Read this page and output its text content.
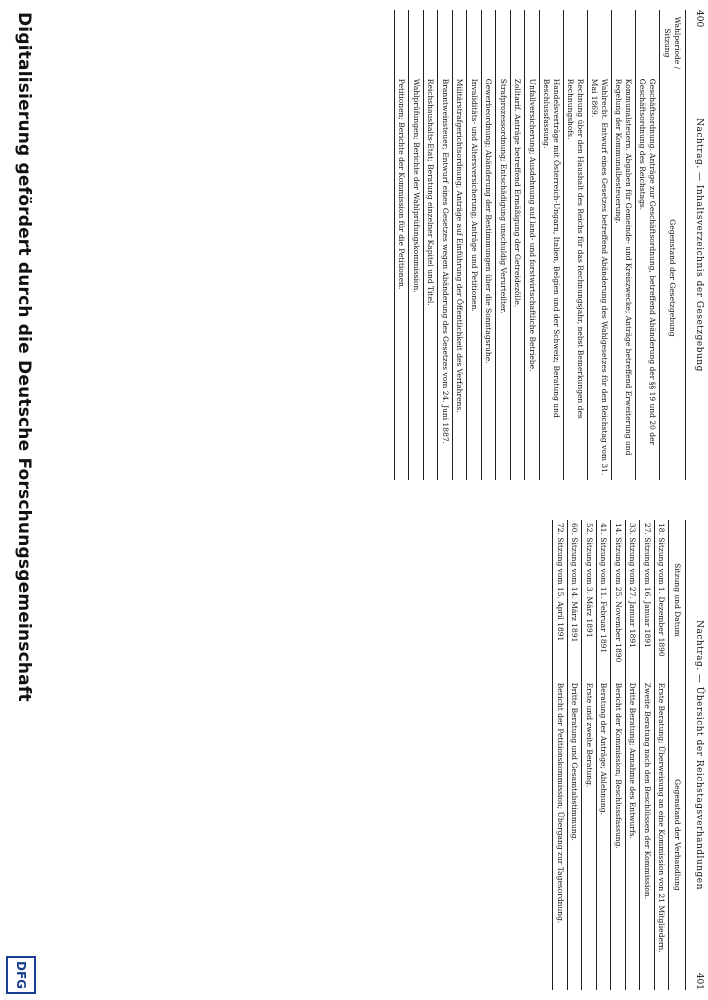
400
Nachtrag. — Inhaltsverzeichnis der Gesetzgebung
Wahlperiode / Sitzung	Gegenstand der Gesetzgebung
	Geschäftsordnung. Anträge zur Geschäftsordnung, betreffend Abänderung der §§ 19 und 20 der Geschäftsordnung des Reichstags.
	Kommunalsteuern. Abgaben für Gemeinde- und Kreiszwecke; Anträge betreffend Erweiterung und Regelung der Kommunalbesteuerung.
	Wahlrecht. Entwurf eines Gesetzes betreffend Abänderung des Wahlgesetzes für den Reichstag vom 31. Mai 1869.
	Rechnung über den Haushalt des Reichs für das Rechnungsjahr, nebst Bemerkungen des Rechnungshofs.
	Handelsverträge mit Österreich-Ungarn, Italien, Belgien und der Schweiz; Beratung und Beschlussfassung.
	Unfallversicherung; Ausdehnung auf land- und forstwirtschaftliche Betriebe.
	Zolltarif. Anträge betreffend Ermäßigung der Getreidezölle.
	Strafprozessordnung; Entschädigung unschuldig Verurteilter.
	Gewerbeordnung; Abänderung der Bestimmungen über die Sonntagsruhe.
	Invaliditäts- und Altersversicherung; Anträge und Petitionen.
	Militärstrafgerichtsordnung; Anträge auf Einführung der Öffentlichkeit des Verfahrens.
	Branntweinsteuer; Entwurf eines Gesetzes wegen Abänderung des Gesetzes vom 24. Juni 1887.
	Reichshaushalts-Etat; Beratung einzelner Kapitel und Titel.
	Wahlprüfungen; Berichte der Wahlprüfungskommission.
	Petitionen; Berichte der Kommission für die Petitionen.
401
Nachtrag. — Übersicht der Reichstagsverhandlungen
Sitzung und Datum	Gegenstand der Verhandlung
18. Sitzung vom 1. Dezember 1890	Erste Beratung; Überweisung an eine Kommission von 21 Mitgliedern.
27. Sitzung vom 16. Januar 1891	Zweite Beratung nach den Beschlüssen der Kommission.
33. Sitzung vom 27. Januar 1891	Dritte Beratung; Annahme des Entwurfs.
14. Sitzung vom 25. November 1890	Bericht der Kommission; Beschlussfassung.
41. Sitzung vom 11. Februar 1891	Beratung der Anträge; Ablehnung.
52. Sitzung vom 3. März 1891	Erste und zweite Beratung.
60. Sitzung vom 14. März 1891	Dritte Beratung und Gesamtabstimmung.
72. Sitzung vom 15. April 1891	Bericht der Petitionskommission; Übergang zur Tagesordnung.
Digitalisierung gefördert durch die Deutsche Forschungsgemeinschaft
DFG
